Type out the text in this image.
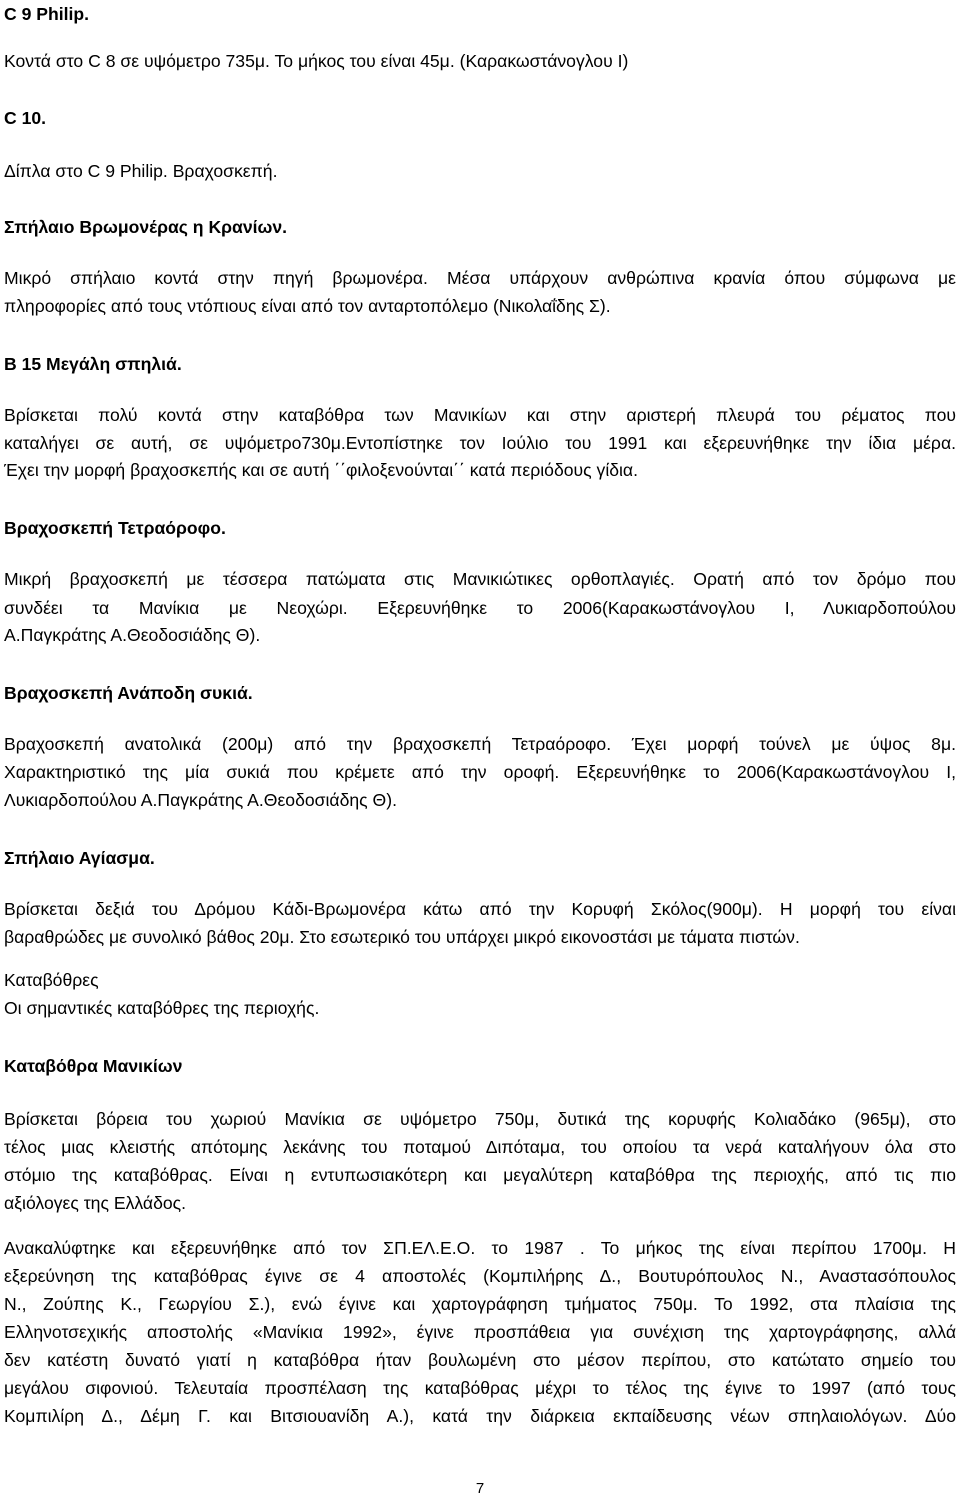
C 9 Philip.
Κοντά στο C 8 σε υψόμετρο 735μ. Το μήκος του είναι 45μ. (Καρακωστάνογλου Ι)
C 10.
Δίπλα στο C 9 Philip. Βραχοσκεπή.
Σπήλαιο Βρωμονέρας η Κρανίων.
Μικρό σπήλαιο κοντά στην πηγή βρωμονέρα. Μέσα υπάρχουν ανθρώπινα κρανία όπου σύμφωνα με
πληροφορίες από τους ντόπιους είναι από τον ανταρτοπόλεμο (Νικολαΐδης Σ).
Β 15 Μεγάλη σπηλιά.
Βρίσκεται πολύ κοντά στην καταβόθρα των Μανικίων και στην αριστερή πλευρά του ρέματος που
καταλήγει σε αυτή, σε υψόμετρο730μ.Εντοπίστηκε τον Ιούλιο του 1991 και εξερευνήθηκε την ίδια μέρα.
Έχει την μορφή βραχοσκεπής και σε αυτή ΄΄φιλοξενούνται΄΄ κατά περιόδους γίδια.
Βραχοσκεπή Τετραόροφο.
Μικρή βραχοσκεπή με τέσσερα πατώματα στις Μανικιώτικες ορθοπλαγιές. Ορατή από τον δρόμο που
συνδέει τα Μανίκια με Νεοχώρι. Εξερευνήθηκε το 2006(Καρακωστάνογλου Ι, Λυκιαρδοπούλου
Α.Παγκράτης Α.Θεοδοσιάδης Θ).
Βραχοσκεπή Ανάποδη συκιά.
Βραχοσκεπή ανατολικά (200μ) από την βραχοσκεπή Τετραόροφο. Έχει μορφή τούνελ με ύψος 8μ.
Χαρακτηριστικό της μία συκιά που κρέμετε από την οροφή. Εξερευνήθηκε το 2006(Καρακωστάνογλου Ι,
Λυκιαρδοπούλου Α.Παγκράτης Α.Θεοδοσιάδης Θ).
Σπήλαιο Αγίασμα.
Βρίσκεται δεξιά του Δρόμου Κάδι-Βρωμονέρα κάτω από την Κορυφή Σκόλος(900μ). Η μορφή του είναι
βαραθρώδες με συνολικό βάθος 20μ. Στο εσωτερικό του υπάρχει μικρό εικονοστάσι με τάματα πιστών.
Καταβόθρες
Οι σημαντικές καταβόθρες της περιοχής.
Καταβόθρα Μανικίων
Βρίσκεται βόρεια του χωριού Μανίκια σε υψόμετρο 750μ, δυτικά της κορυφής Κολιαδάκο (965μ), στο
τέλος μιας κλειστής απότομης λεκάνης του ποταμού Διπόταμα, του οποίου τα νερά καταλήγουν όλα στο
στόμιο της καταβόθρας. Είναι η εντυπωσιακότερη και μεγαλύτερη καταβόθρα της περιοχής, από τις πιο
αξιόλογες της Ελλάδος.
Ανακαλύφτηκε και εξερευνήθηκε από τον ΣΠ.ΕΛ.Ε.Ο. το 1987 . Το μήκος της είναι περίπου 1700μ. Η
εξερεύνηση της καταβόθρας έγινε σε 4 αποστολές (Κομπιλήρης Δ., Βουτυρόπουλος Ν., Αναστασόπουλος
Ν., Ζούπης Κ., Γεωργίου Σ.), ενώ έγινε και χαρτογράφηση τμήματος 750μ. Το 1992, στα πλαίσια της
Ελληνοτσεχικής αποστολής «Μανίκια 1992», έγινε προσπάθεια για συνέχιση της χαρτογράφησης, αλλά
δεν κατέστη δυνατό γιατί η καταβόθρα ήταν βουλωμένη στο μέσον περίπου, στο κατώτατο σημείο του
μεγάλου σιφονιού. Τελευταία προσπέλαση της καταβόθρας μέχρι το τέλος της έγινε το 1997 (από τους
Κομπιλίρη Δ., Δέμη Γ. και Βιτσιουανίδη Α.), κατά την διάρκεια εκπαίδευσης νέων σπηλαιολόγων. Δύο
7
